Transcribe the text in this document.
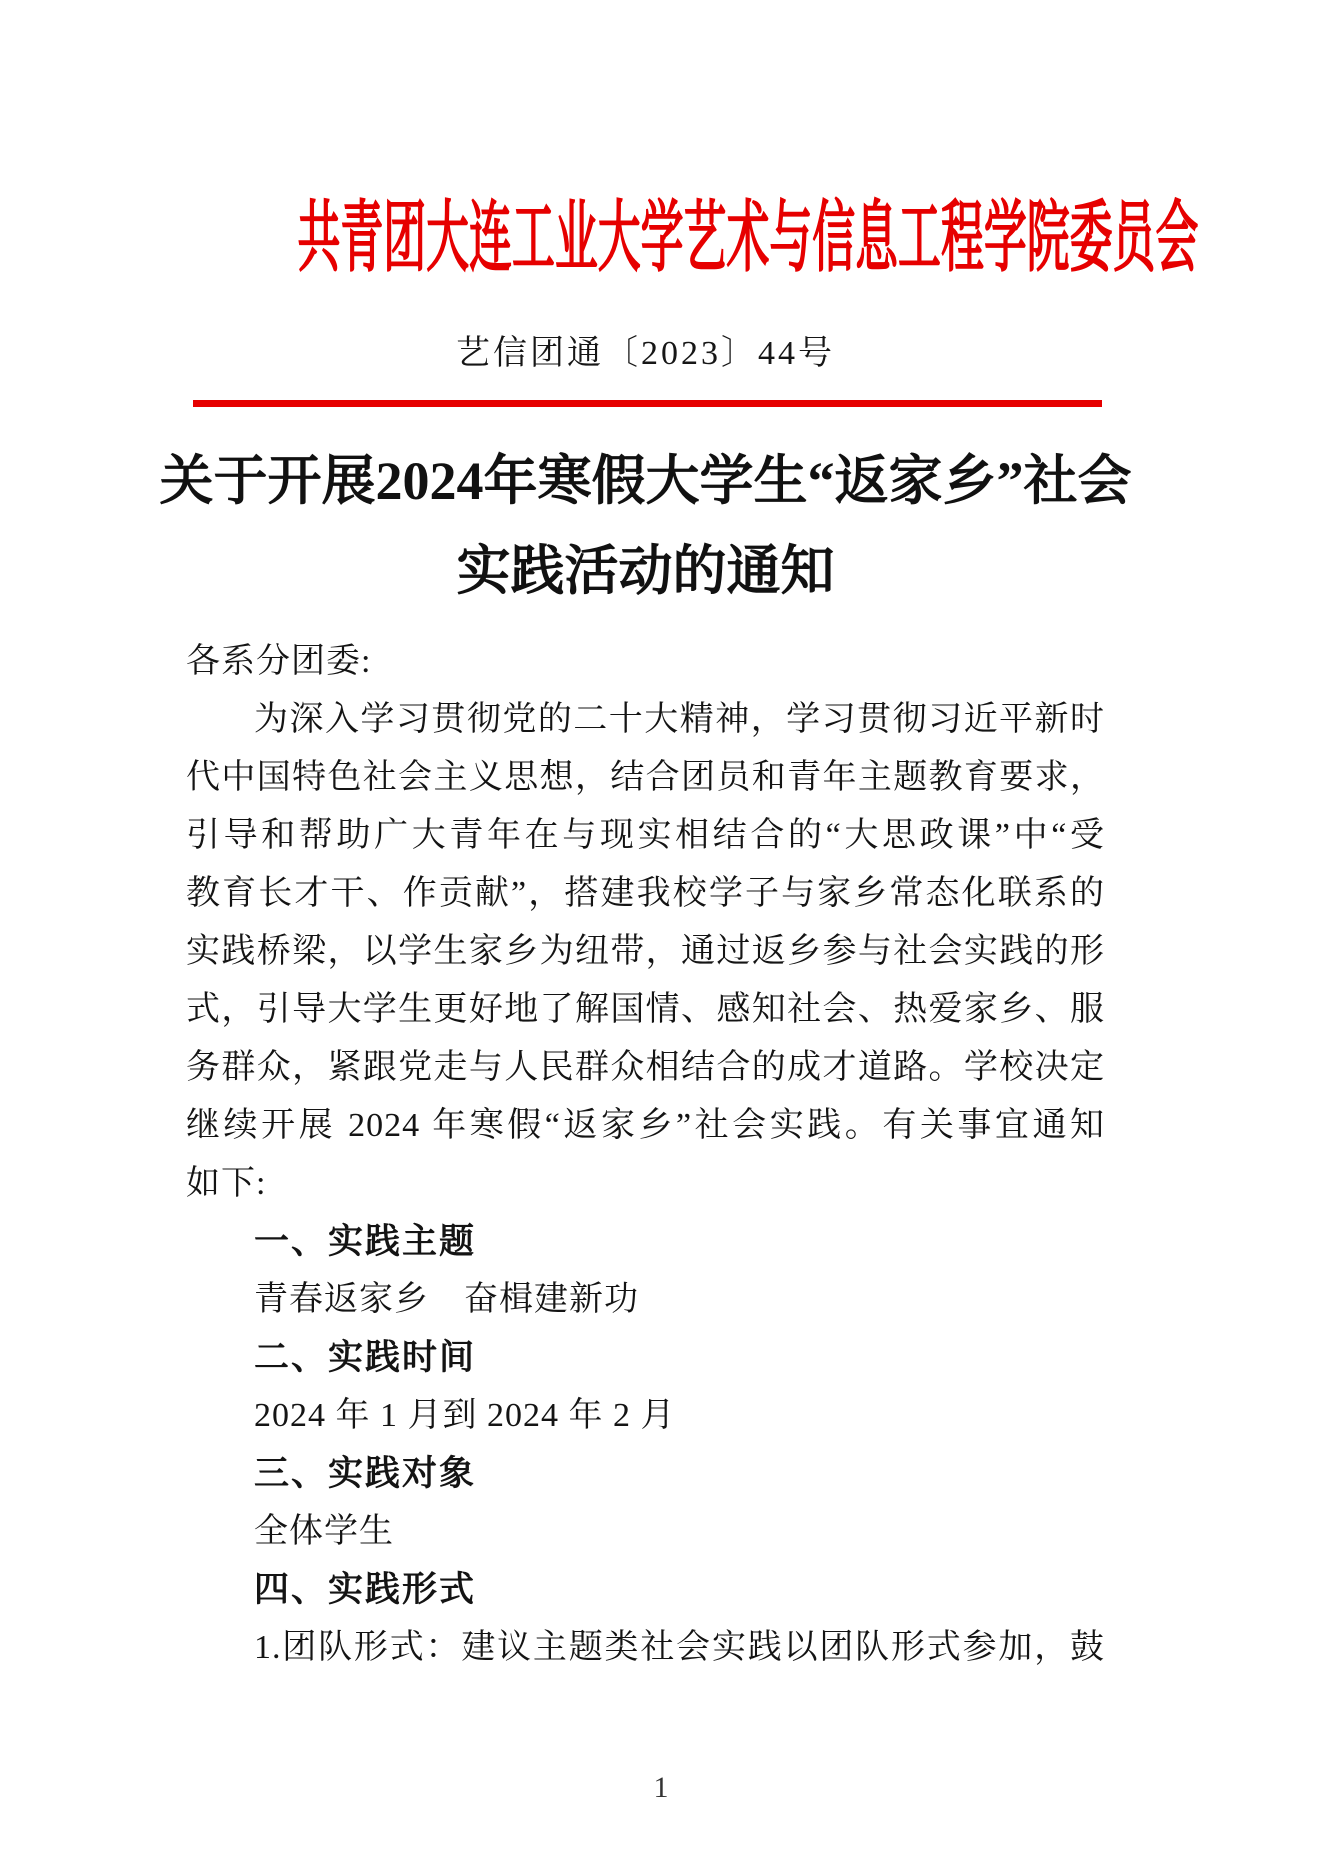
共青团大连工业大学艺术与信息工程学院委员会
艺信团通〔2023〕44号
关于开展2024年寒假大学生“返家乡”社会
实践活动的通知
各系分团委:
为深入学习贯彻党的二十大精神，学习贯彻习近平新时
代中国特色社会主义思想，结合团员和青年主题教育要求，
引导和帮助广大青年在与现实相结合的“大思政课”中“受
教育长才干、作贡献”，搭建我校学子与家乡常态化联系的
实践桥梁，以学生家乡为纽带，通过返乡参与社会实践的形
式，引导大学生更好地了解国情、感知社会、热爱家乡、服
务群众，紧跟党走与人民群众相结合的成才道路。学校决定
继续开展 2024 年寒假“返家乡”社会实践。有关事宜通知
如下:
一、实践主题
青春返家乡　奋楫建新功
二、实践时间
2024 年 1 月到 2024 年 2 月
三、实践对象
全体学生
四、实践形式
1.团队形式：建议主题类社会实践以团队形式参加，鼓
1
